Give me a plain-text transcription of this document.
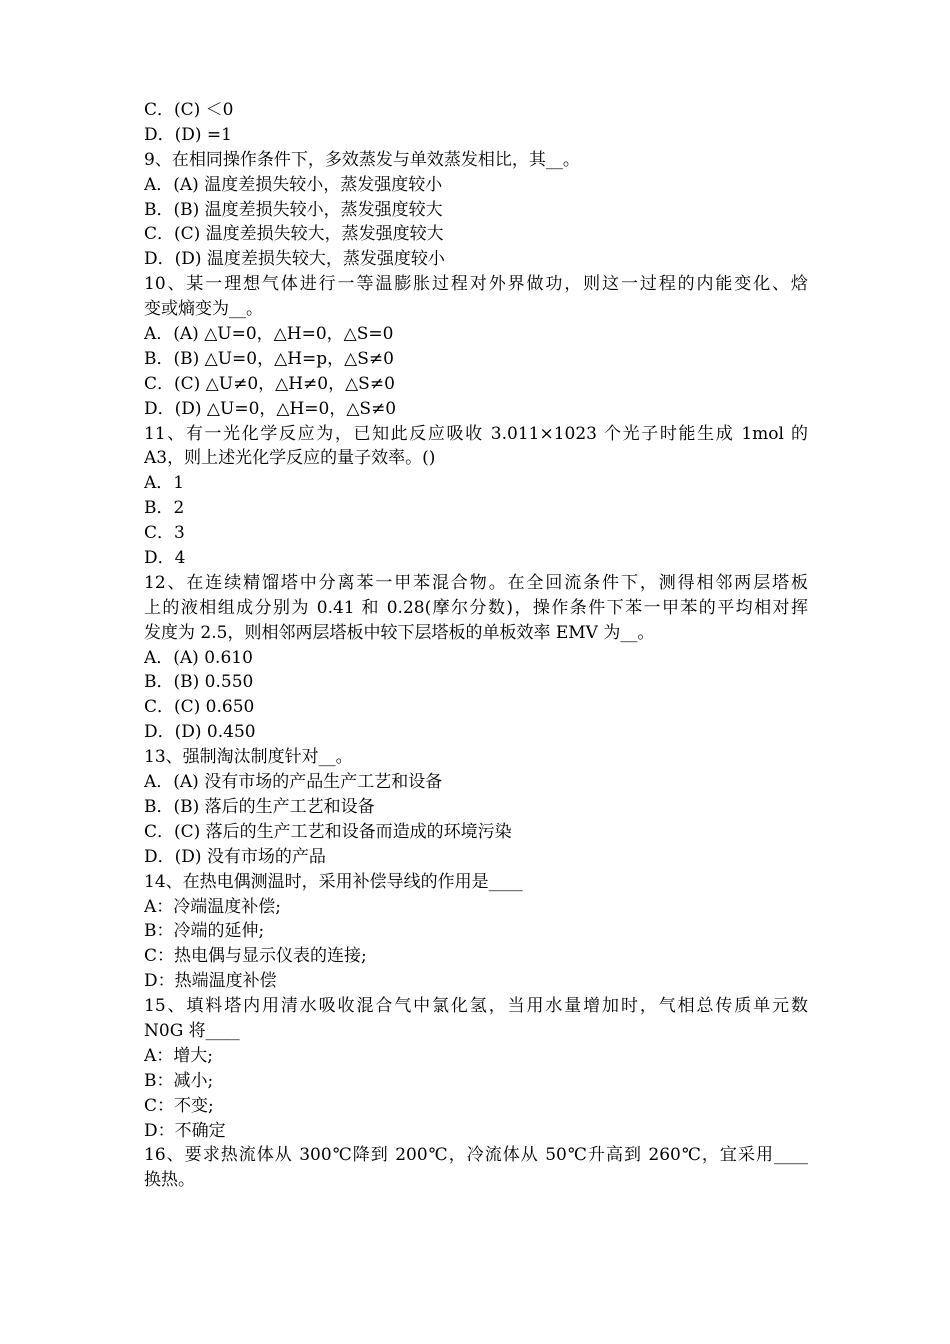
C．(C) ＜0
D．(D) =1
9、在相同操作条件下，多效蒸发与单效蒸发相比，其__。
A．(A) 温度差损失较小，蒸发强度较小
B．(B) 温度差损失较小，蒸发强度较大
C．(C) 温度差损失较大，蒸发强度较大
D．(D) 温度差损失较大，蒸发强度较小
10、某一理想气体进行一等温膨胀过程对外界做功，则这一过程的内能变化、焓
变或熵变为__。
A．(A) △U=0，△H=0，△S=0
B．(B) △U=0，△H=p，△S≠0
C．(C) △U≠0，△H≠0，△S≠0
D．(D) △U=0，△H=0，△S≠0
11、有一光化学反应为，已知此反应吸收 3.011×1023 个光子时能生成 1mol 的
A3，则上述光化学反应的量子效率。()
A．1
B．2
C．3
D．4
12、在连续精馏塔中分离苯一甲苯混合物。在全回流条件下，测得相邻两层塔板
上的液相组成分别为 0.41 和 0.28(摩尔分数)，操作条件下苯一甲苯的平均相对挥
发度为 2.5，则相邻两层塔板中较下层塔板的单板效率 EMV 为__。
A．(A) 0.610
B．(B) 0.550
C．(C) 0.650
D．(D) 0.450
13、强制淘汰制度针对__。
A．(A) 没有市场的产品生产工艺和设备
B．(B) 落后的生产工艺和设备
C．(C) 落后的生产工艺和设备而造成的环境污染
D．(D) 没有市场的产品
14、在热电偶测温时，采用补偿导线的作用是____
A：冷端温度补偿;
B：冷端的延伸;
C：热电偶与显示仪表的连接;
D：热端温度补偿
15、填料塔内用清水吸收混合气中氯化氢，当用水量增加时，气相总传质单元数
N0G 将____
A：增大;
B：减小;
C：不变;
D：不确定
16、要求热流体从 300℃降到 200℃，冷流体从 50℃升高到 260℃，宜采用____
换热。
